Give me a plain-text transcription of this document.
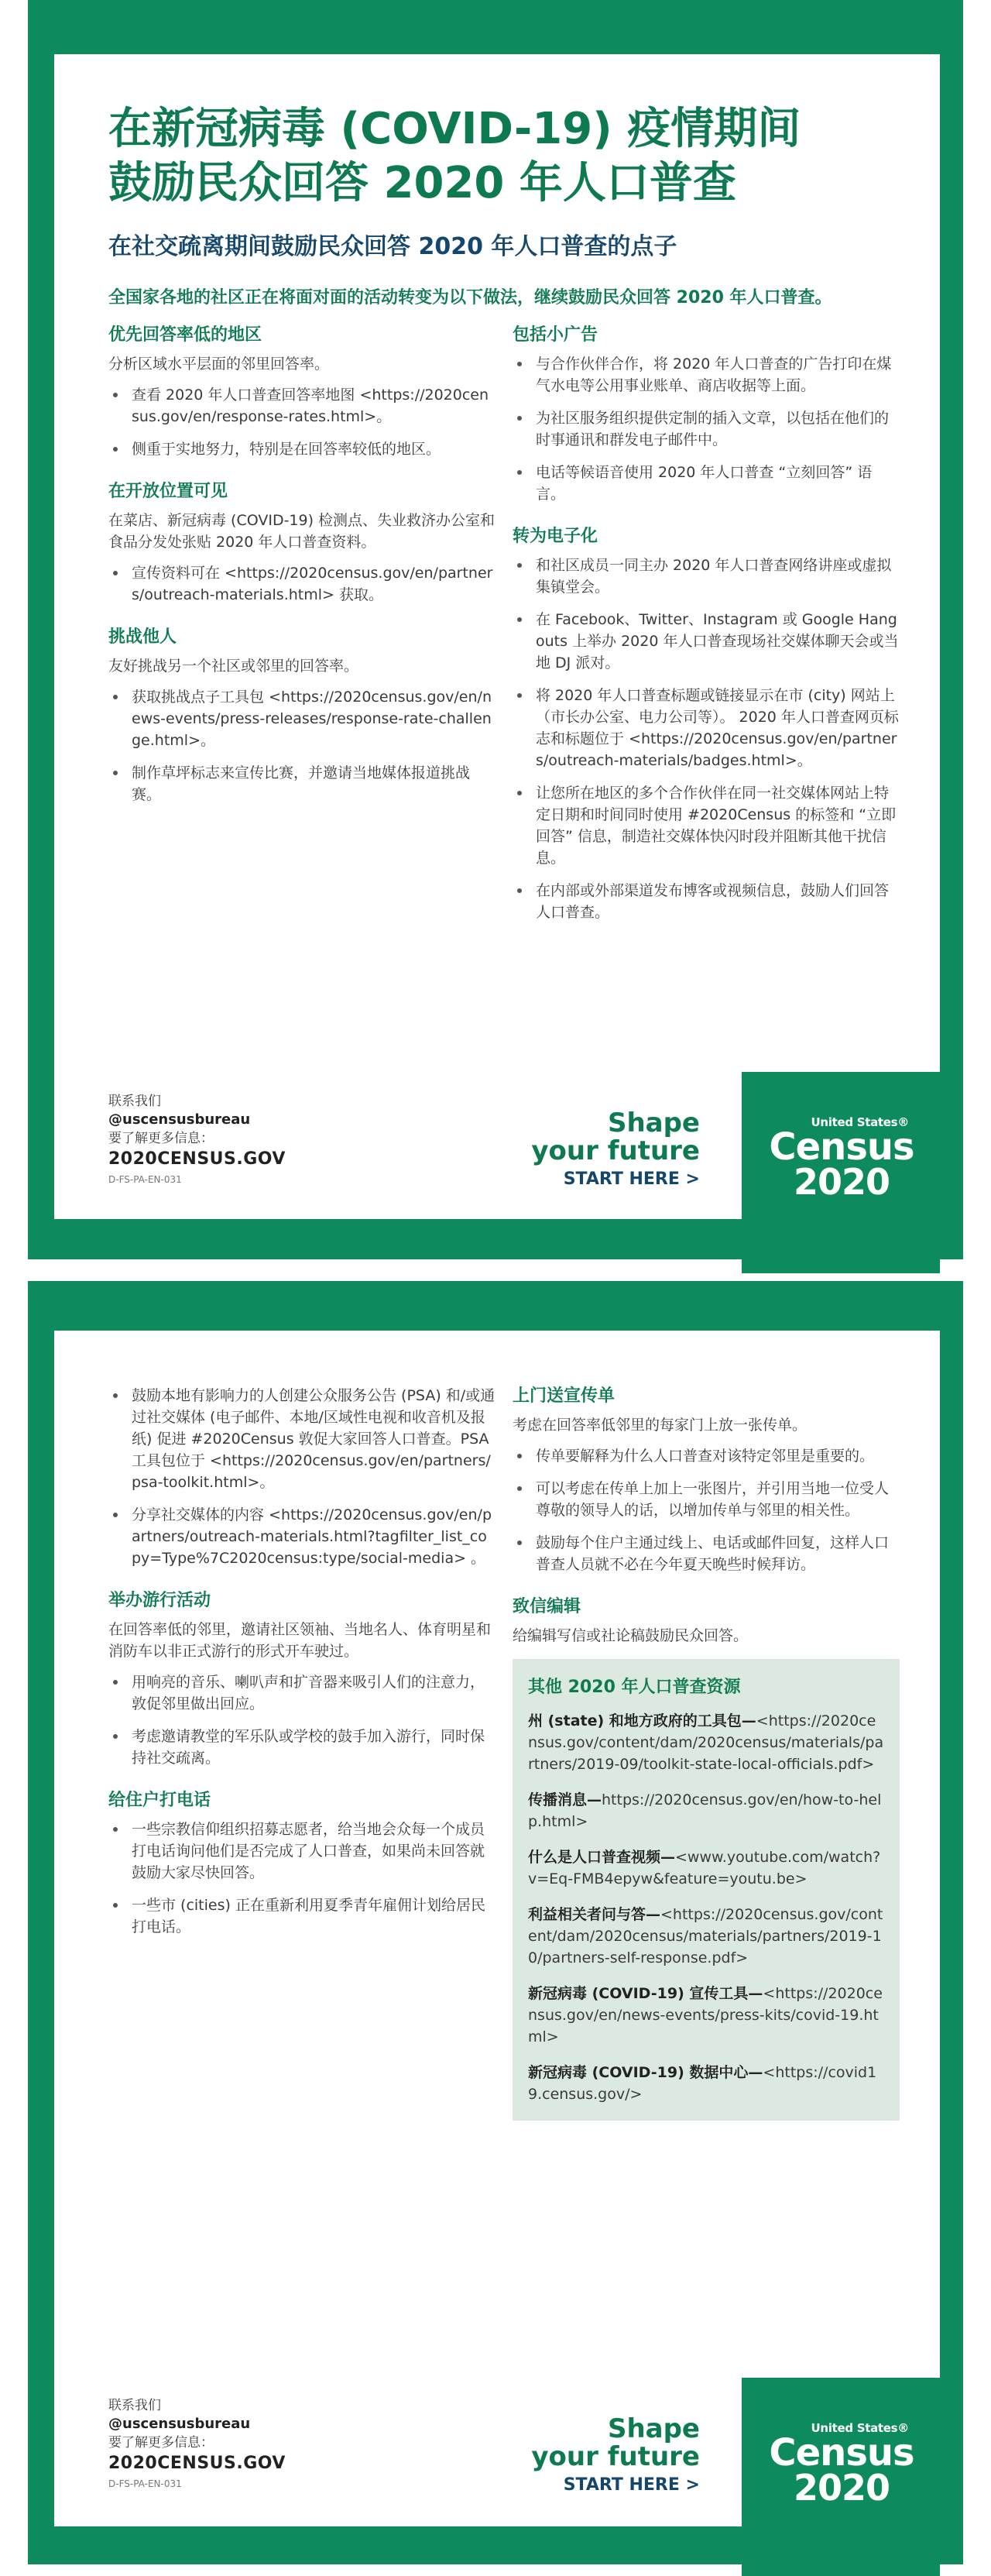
在新冠病毒 (COVID-19) 疫情期间
鼓励民众回答 2020 年人口普查
在社交疏离期间鼓励民众回答 2020 年人口普查的点子
全国家各地的社区正在将面对面的活动转变为以下做法，继续鼓励民众回答 2020 年人口普查。
优先回答率低的地区
分析区域水平层面的邻里回答率。
查看 2020 年人口普查回答率地图 <https://2020census.gov/en/response-rates.html>。
侧重于实地努力，特别是在回答率较低的地区。
在开放位置可见
在菜店、新冠病毒 (COVID-19) 检测点、失业救济办公室和食品分发处张贴 2020 年人口普查资料。
宣传资料可在 <https://2020census.gov/en/partners/outreach-materials.html> 获取。
挑战他人
友好挑战另一个社区或邻里的回答率。
获取挑战点子工具包 <https://2020census.gov/en/news-events/press-releases/response-rate-challenge.html>。
制作草坪标志来宣传比赛，并邀请当地媒体报道挑战赛。
包括小广告
与合作伙伴合作，将 2020 年人口普查的广告打印在煤气水电等公用事业账单、商店收据等上面。
为社区服务组织提供定制的插入文章，以包括在他们的时事通讯和群发电子邮件中。
电话等候语音使用 2020 年人口普查 “立刻回答” 语言。
转为电子化
和社区成员一同主办 2020 年人口普查网络讲座或虚拟集镇堂会。
在 Facebook、Twitter、Instagram 或 Google Hangouts 上举办 2020 年人口普查现场社交媒体聊天会或当地 DJ 派对。
将 2020 年人口普查标题或链接显示在市 (city) 网站上（市长办公室、电力公司等）。 2020 年人口普查网页标志和标题位于 <https://2020census.gov/en/partners/outreach-materials/badges.html>。
让您所在地区的多个合作伙伴在同一社交媒体网站上特定日期和时间同时使用 #2020Census 的标签和 “立即回答” 信息，制造社交媒体快闪时段并阻断其他干扰信息。
在内部或外部渠道发布博客或视频信息，鼓励人们回答人口普查。
联系我们
@uscensusbureau
要了解更多信息：
2020CENSUS.GOV
D-FS-PA-EN-031
Shape
your future
START HERE >
United States®
Census
2020
鼓励本地有影响力的人创建公众服务公告 (PSA) 和/或通过社交媒体 (电子邮件、本地/区域性电视和收音机及报纸) 促进 #2020Census 敦促大家回答人口普查。PSA 工具包位于 <https://2020census.gov/en/partners/psa-toolkit.html>。
分享社交媒体的内容 <https://2020census.gov/en/partners/outreach-materials.html?tagfilter_list_copy=Type%7C2020census:type/social-media> 。
举办游行活动
在回答率低的邻里，邀请社区领袖、当地名人、体育明星和消防车以非正式游行的形式开车驶过。
用响亮的音乐、喇叭声和扩音器来吸引人们的注意力，敦促邻里做出回应。
考虑邀请教堂的军乐队或学校的鼓手加入游行，同时保持社交疏离。
给住户打电话
一些宗教信仰组织招募志愿者，给当地会众每一个成员打电话询问他们是否完成了人口普查，如果尚未回答就鼓励大家尽快回答。
一些市 (cities) 正在重新利用夏季青年雇佣计划给居民打电话。
上门送宣传单
考虑在回答率低邻里的每家门上放一张传单。
传单要解释为什么人口普查对该特定邻里是重要的。
可以考虑在传单上加上一张图片，并引用当地一位受人尊敬的领导人的话，以增加传单与邻里的相关性。
鼓励每个住户主通过线上、电话或邮件回复，这样人口普查人员就不必在今年夏天晚些时候拜访。
致信编辑
给编辑写信或社论稿鼓励民众回答。
其他 2020 年人口普查资源
州 (state) 和地方政府的工具包—<https://2020census.gov/content/dam/2020census/materials/partners/2019-09/toolkit-state-local-officials.pdf>
传播消息—https://2020census.gov/en/how-to-help.html>
什么是人口普查视频—<www.youtube.com/watch?v=Eq-FMB4epyw&feature=youtu.be>
利益相关者问与答—<https://2020census.gov/content/dam/2020census/materials/partners/2019-10/partners-self-response.pdf>
新冠病毒 (COVID-19) 宣传工具—<https://2020census.gov/en/news-events/press-kits/covid-19.html>
新冠病毒 (COVID-19) 数据中心—<https://covid19.census.gov/>
联系我们
@uscensusbureau
要了解更多信息：
2020CENSUS.GOV
D-FS-PA-EN-031
Shape
your future
START HERE >
United States®
Census
2020
